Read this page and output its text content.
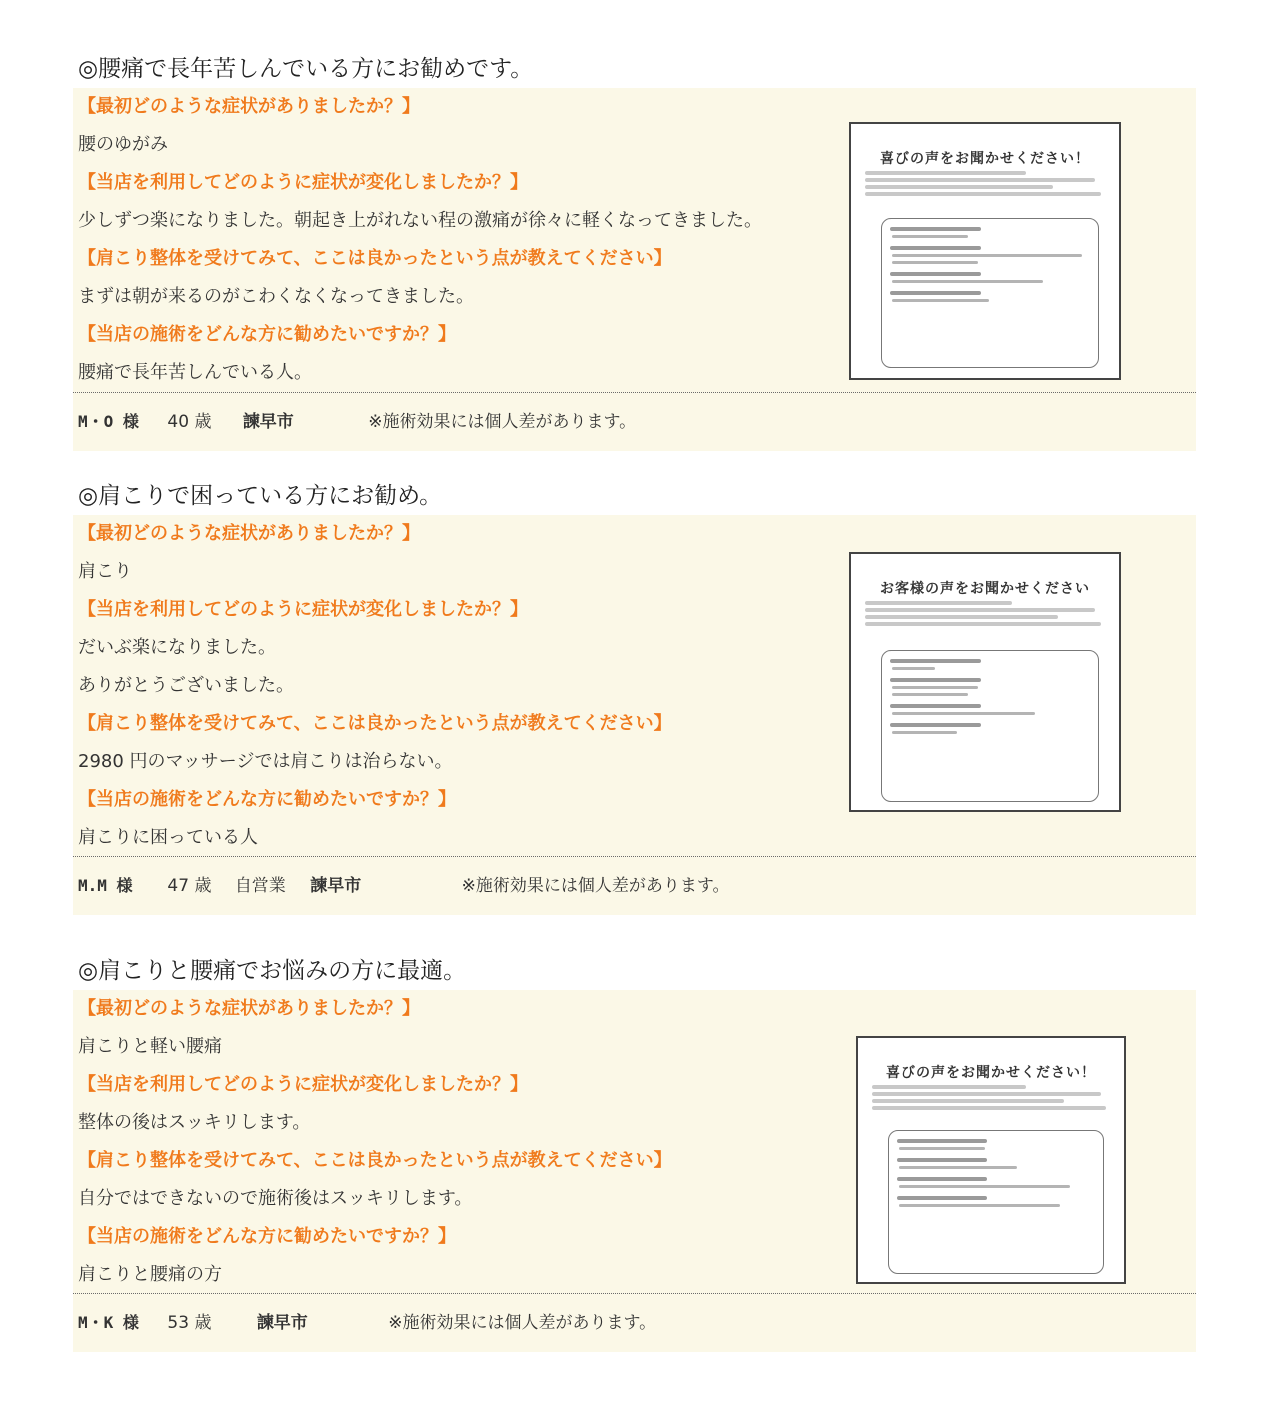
◎腰痛で長年苦しんでいる方にお勧めです。
【最初どのような症状がありましたか？】
腰のゆがみ
【当店を利用してどのように症状が変化しましたか？】
少しずつ楽になりました。朝起き上がれない程の激痛が徐々に軽くなってきました。
【肩こり整体を受けてみて、ここは良かったという点が教えてください】
まずは朝が来るのがこわくなくなってきました。
【当店の施術をどんな方に勧めたいですか？】
腰痛で長年苦しんでいる人。
喜びの声をお聞かせください！
M・O 様 40 歳 諫早市	※施術効果には個人差があります。
◎肩こりで困っている方にお勧め。
【最初どのような症状がありましたか？】
肩こり
【当店を利用してどのように症状が変化しましたか？】
だいぶ楽になりました。
ありがとうございました。
【肩こり整体を受けてみて、ここは良かったという点が教えてください】
2980 円のマッサージでは肩こりは治らない。
【当店の施術をどんな方に勧めたいですか？】
肩こりに困っている人
お客様の声をお聞かせください
M.M 様 47 歳 自営業 諫早市	※施術効果には個人差があります。
◎肩こりと腰痛でお悩みの方に最適。
【最初どのような症状がありましたか？】
肩こりと軽い腰痛
【当店を利用してどのように症状が変化しましたか？】
整体の後はスッキリします。
【肩こり整体を受けてみて、ここは良かったという点が教えてください】
自分ではできないので施術後はスッキリします。
【当店の施術をどんな方に勧めたいですか？】
肩こりと腰痛の方
喜びの声をお聞かせください！
M・K 様 53 歳	諫早市	※施術効果には個人差があります。
